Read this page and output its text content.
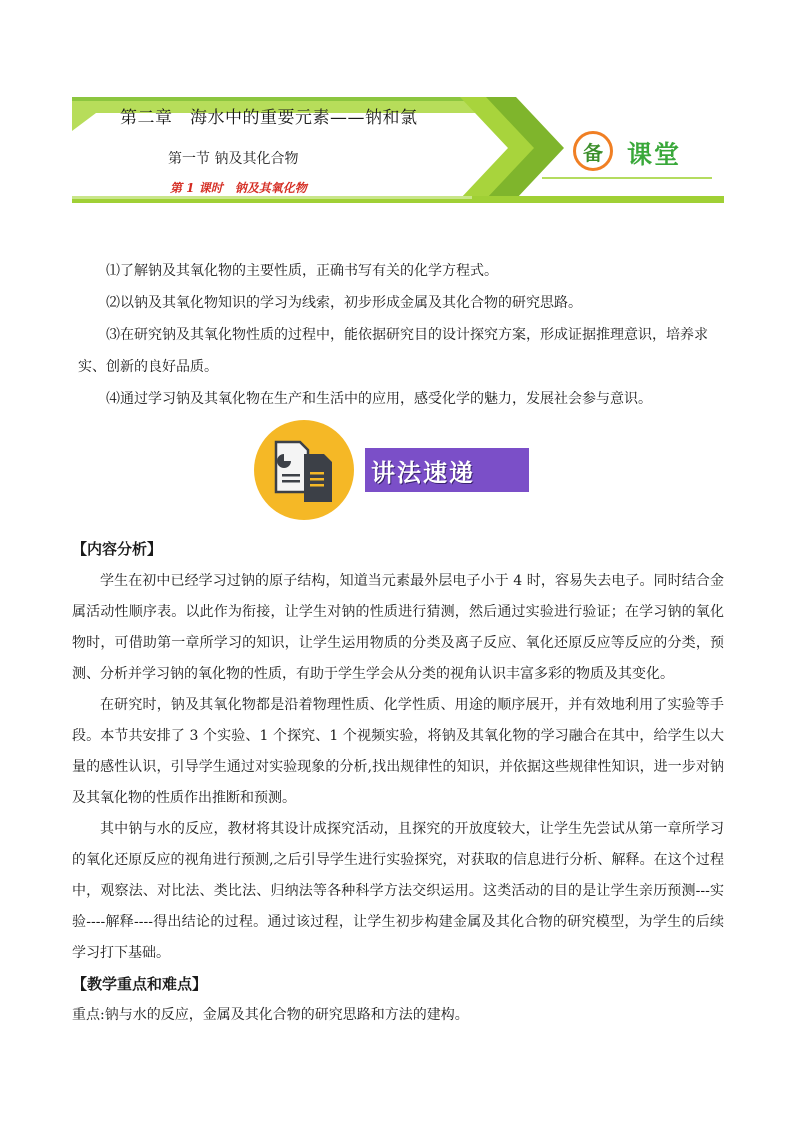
第二章　海水中的重要元素——钠和氯
第一节 钠及其化合物
第 1 课时　钠及其氧化物
备 课堂

⑴了解钠及其氧化物的主要性质，正确书写有关的化学方程式。

⑵以钠及其氧化物知识的学习为线索，初步形成金属及其化合物的研究思路。

⑶在研究钠及其氧化物性质的过程中，能依据研究目的设计探究方案，形成证据推理意识，培养求实、创新的良好品质。

⑷通过学习钠及其氧化物在生产和生活中的应用，感受化学的魅力，发展社会参与意识。

讲法速递
【内容分析】

学生在初中已经学习过钠的原子结构，知道当元素最外层电子小于 4 时，容易失去电子。同时结合金属活动性顺序表。以此作为衔接，让学生对钠的性质进行猜测，然后通过实验进行验证；在学习钠的氧化物时，可借助第一章所学习的知识，让学生运用物质的分类及离子反应、氧化还原反应等反应的分类，预测、分析并学习钠的氧化物的性质，有助于学生学会从分类的视角认识丰富多彩的物质及其变化。

在研究时，钠及其氧化物都是沿着物理性质、化学性质、用途的顺序展开，并有效地利用了实验等手段。本节共安排了 3 个实验、1 个探究、1 个视频实验，将钠及其氧化物的学习融合在其中，给学生以大量的感性认识，引导学生通过对实验现象的分析,找出规律性的知识，并依据这些规律性知识，进一步对钠及其氧化物的性质作出推断和预测。

其中钠与水的反应，教材将其设计成探究活动，且探究的开放度较大，让学生先尝试从第一章所学习的氧化还原反应的视角进行预测,之后引导学生进行实验探究，对获取的信息进行分析、解释。在这个过程中，观察法、对比法、类比法、归纳法等各种科学方法交织运用。这类活动的目的是让学生亲历预测---实验----解释----得出结论的过程。通过该过程，让学生初步构建金属及其化合物的研究模型，为学生的后续学习打下基础。

【教学重点和难点】
重点:钠与水的反应，金属及其化合物的研究思路和方法的建构。
